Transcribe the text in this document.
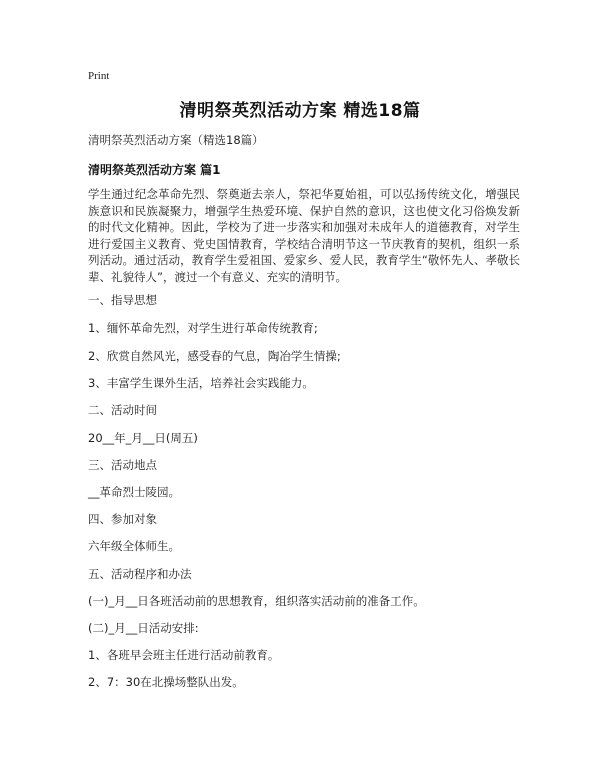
Print
清明祭英烈活动方案 精选18篇
清明祭英烈活动方案（精选18篇）
清明祭英烈活动方案 篇1

学生通过纪念革命先烈、祭奠逝去亲人，祭祀华夏始祖，可以弘扬传统文化，增强民族意识和民族凝聚力，增强学生热爱环境、保护自然的意识，这也使文化习俗焕发新的时代文化精神。因此，学校为了进一步落实和加强对未成年人的道德教育，对学生进行爱国主义教育、党史国情教育，学校结合清明节这一节庆教育的契机，组织一系列活动。通过活动，教育学生爱祖国、爱家乡、爱人民，教育学生“敬怀先人、孝敬长辈、礼貌待人”，渡过一个有意义、充实的清明节。

一、指导思想
1、缅怀革命先烈，对学生进行革命传统教育;
2、欣赏自然风光，感受春的气息，陶冶学生情操;
3、丰富学生课外生活，培养社会实践能力。
二、活动时间
20__年_月__日(周五)
三、活动地点
__革命烈士陵园。
四、参加对象
六年级全体师生。
五、活动程序和办法
(一)_月__日各班活动前的思想教育，组织落实活动前的准备工作。
(二)_月__日活动安排:
1、各班早会班主任进行活动前教育。
2、7：30在北操场整队出发。
